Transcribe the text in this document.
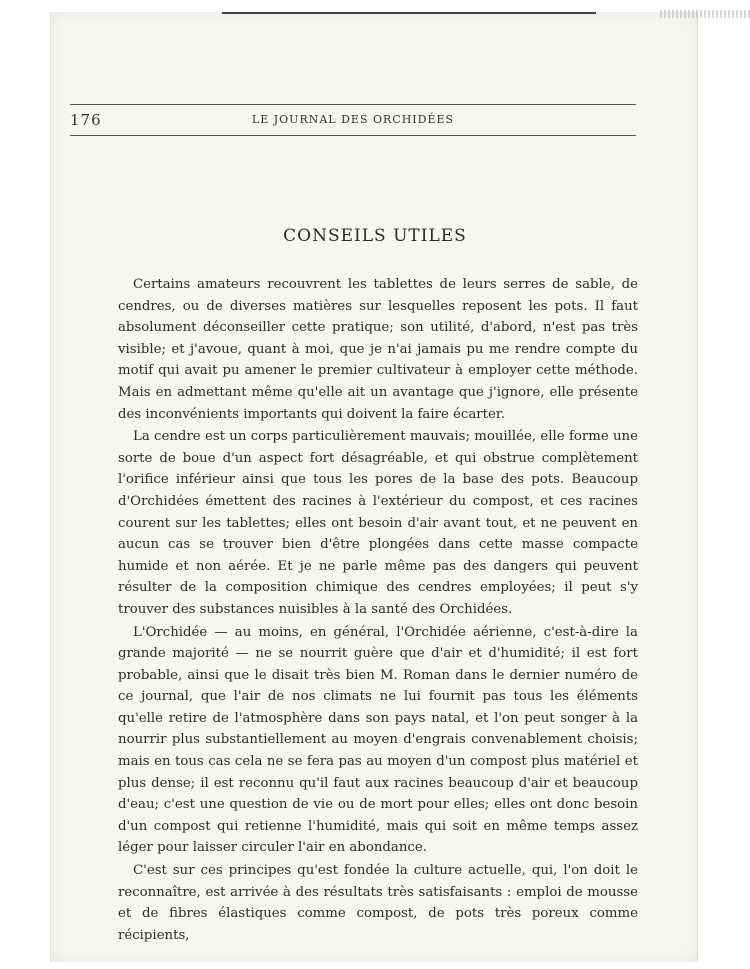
176	LE JOURNAL DES ORCHIDÉES
CONSEILS UTILES

Certains amateurs recouvrent les tablettes de leurs serres de sable, de cendres, ou de diverses matières sur lesquelles reposent les pots. Il faut absolument déconseiller cette pratique; son utilité, d'abord, n'est pas très visible; et j'avoue, quant à moi, que je n'ai jamais pu me rendre compte du motif qui avait pu amener le premier cultivateur à employer cette méthode. Mais en admettant même qu'elle ait un avantage que j'ignore, elle présente des inconvénients importants qui doivent la faire écarter.

La cendre est un corps particulièrement mauvais; mouillée, elle forme une sorte de boue d'un aspect fort désagréable, et qui obstrue complètement l'orifice inférieur ainsi que tous les pores de la base des pots. Beaucoup d'Orchidées émettent des racines à l'extérieur du compost, et ces racines courent sur les tablettes; elles ont besoin d'air avant tout, et ne peuvent en aucun cas se trouver bien d'être plongées dans cette masse compacte humide et non aérée. Et je ne parle même pas des dangers qui peuvent résulter de la composition chimique des cendres employées; il peut s'y trouver des substances nuisibles à la santé des Orchidées.

L'Orchidée — au moins, en général, l'Orchidée aérienne, c'est-à-dire la grande majorité — ne se nourrit guère que d'air et d'humidité; il est fort probable, ainsi que le disait très bien M. Roman dans le dernier numéro de ce journal, que l'air de nos climats ne lui fournit pas tous les éléments qu'elle retire de l'atmosphère dans son pays natal, et l'on peut songer à la nourrir plus substantiellement au moyen d'engrais convenablement choisis; mais en tous cas cela ne se fera pas au moyen d'un compost plus matériel et plus dense; il est reconnu qu'il faut aux racines beaucoup d'air et beaucoup d'eau; c'est une question de vie ou de mort pour elles; elles ont donc besoin d'un compost qui retienne l'humidité, mais qui soit en même temps assez léger pour laisser circuler l'air en abondance.

C'est sur ces principes qu'est fondée la culture actuelle, qui, l'on doit le reconnaître, est arrivée à des résultats très satisfaisants : emploi de mousse et de fibres élastiques comme compost, de pots très poreux comme récipients,
